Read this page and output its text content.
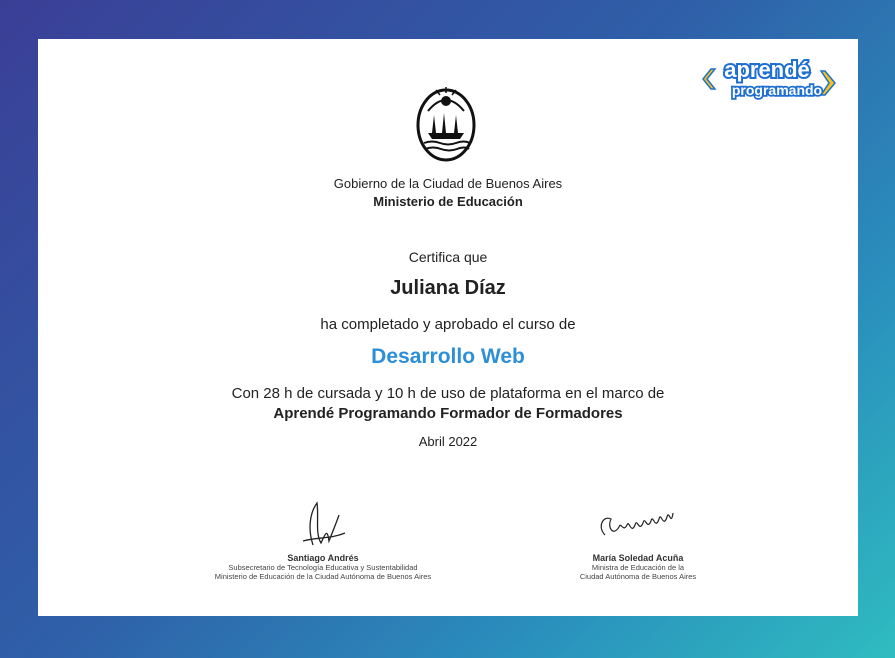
aprendé
programando
Gobierno de la Ciudad de Buenos Aires
Ministerio de Educación
Certifica que
Juliana Díaz
ha completado y aprobado el curso de
Desarrollo Web
Con 28 h de cursada y 10 h de uso de plataforma en el marco de
Aprendé Programando Formador de Formadores
Abril 2022
Santiago Andrés
Subsecretario de Tecnología Educativa y Sustentabilidad
Ministerio de Educación de la Ciudad Autónoma de Buenos Aires
María Soledad Acuña
Ministra de Educación de la
Ciudad Autónoma de Buenos Aires
